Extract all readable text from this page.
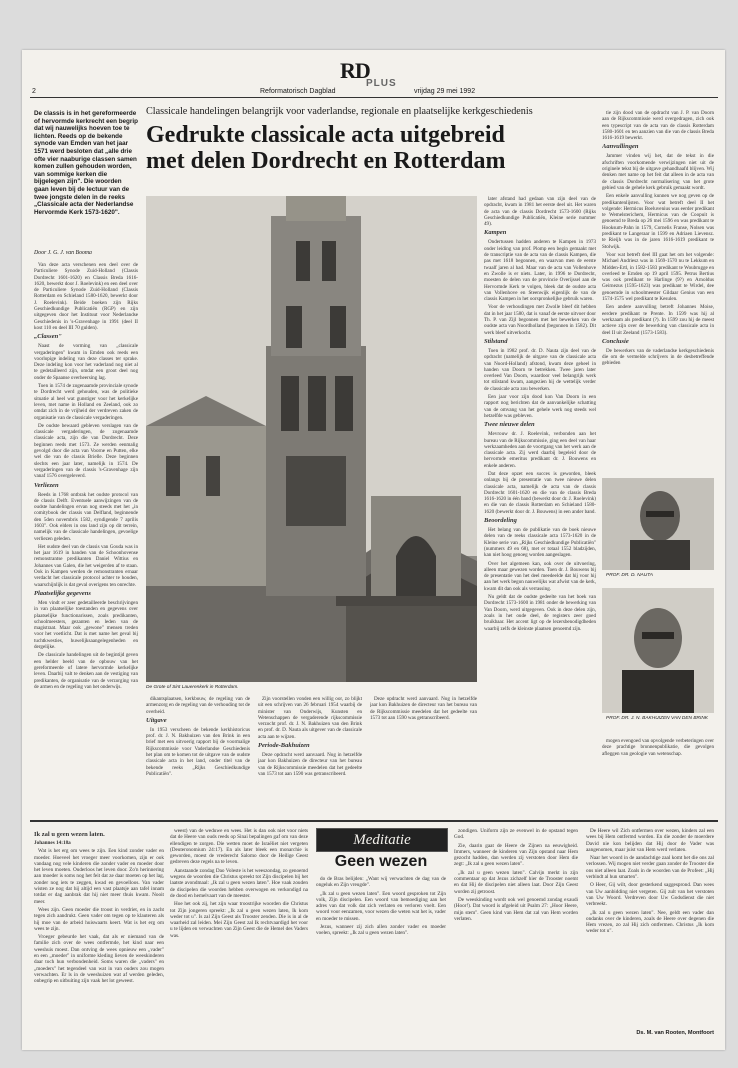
RD
PLUS
2	Reformatorisch Dagblad	vrijdag 29 mei 1992
Classicale handelingen belangrijk voor vaderlandse, regionale en plaatselijke kerkgeschiedenis
Gedrukte classicale acta uitgebreid
met delen Dordrecht en Rotterdam
De classis is in het gereformeerde of hervormde kerkrecht een begrip dat wij nauwelijks hoeven toe te lichten. Reeds op de bekende synode van Emden van het jaar 1571 werd besloten dat „alle drie ofte vier naaburige classen samen komen zullen gehouden worden, van sommige kerken die bijgelegen zijn". Die woorden gaan leven bij de lectuur van de twee jongste delen in de reeks „Classicale acta der Nederlandse Hervormde Kerk 1573-1620".
Door J. G. J. van Booma

Van deze acta verschenen een deel over de Particuliere Synode Zuid-Holland (Classis Dordrecht 1601-1620) en Classis Breda 1616-1620, bewerkt door J. Roelevink) en een deel over de Particuliere Synode Zuid-Holland (Classis Rotterdam en Schieland 1580-1620, bewerkt door J. Roelevink). Beide boeken zijn Rijks Geschiedkundige Publicatiën (RGP) en zijn uitgegeven door het Instituut voor Nederlandse Geschiedenis in 's-Gravenhage in 1991 (deel II kost 110 en deel III 70 gulden).

„Classen"

Naast de vorming van „classicale vergaderingen" kwam in Emden ook reeds een voorlopige indeling van deze classes ter sprake. Deze indeling kon voor het vaderland nog niet al te gedetailleerd zijn, omdat een groot deel nog onder de Spaanse overheersing lag.

Toen in 1574 de zogenaamde provinciale synode te Dordrecht werd gehouden, was de politieke situatie al heel wat gunstiger voor het kerkelijke leven, met name in Holland en Zeeland, ook zo omdat zich in de vrijheid der verdreven zaken de organisatie van de classicale vergaderingen.

De oudste bewaard gebleven verslagen van de classicale vergaderingen, de zogenaamde classicale acta, zijn die van Dordrecht. Deze beginnen reeds met 1573. Ze werden eenmalig gevolgd door die acta van Voorne en Putten, elke wel die van de classis Brielle. Deze beginnen slechts een jaar later, namelijk in 1574. De vergaderingen van de classis 's-Gravenhage zijn vanaf 1576 overgeleverd.

Verliezen

Reeds in 1768 ontbrak het oudste protocol van de classis Delft. Eventuele aanwijzingen van de oudste handelingen ervan nog steeds met het „in comitybook der classis van Delfland, beginnende den 5den novembris 1582, eyndigende 7 aprilis 1603". Ook elders in ons land zijn op dit terrein, namelijk van de classicale handelingen, gevoelige verliezen geleden.

Het oudste deel van de classis van Gouda was in het jaar 1619 in handen van de Schoonhovense remonstrantse predikanten Daniel Wittius en Johannes van Galen, die het weigerden af te staan. Ook in Kampen werden de remonstranten ernaar verdacht het classicale protocol achter te houden, waarschijnlijk is dat geval overigens ten onrechte.

Plaatselijke gegevens

Men vindt er zeer gedetailleerde beschrijvingen in van plaatselijke toestanden en gegevens over plaatselijke functionarissen, zoals predikanten, schoolmeesters, gezanten en leden van de magistraat. Maar ook „gewone" mensen treden voor het voetlicht. Dat is met name het geval bij tuchtkwesties, huwelijksaangelegenheden en dergelijke.

De classicale handelingen uit de begintijd geven een helder beeld van de opbouw van het gereformeerde of latere hervormde kerkelijke leven. Daarbij valt te denken aan de vestiging van predikanten, de organisatie van de verzorging van de armen en de regeling van het onderwijs.	De Grote of Sint Lauerenkerk in Rotterdam.

dikantsplaatsen, kerkbouw, de regeling van de armenzorg en de regeling van de verhouding tot de overheid.

Uitgave

In 1953 verscheen de bekende kerkhistoricus prof. dr. J. N. Bakhuizen van den Brink in een brief met een uitvoerig rapport bij de voormalige Rijkscommissie voor Vaderlandse Geschiedenis het plan om te komen tot de uitgave van de oudste classicale acta in het land, onder titel van de bekende reeks „Rijks Geschiedkundige Publicatiën".

Zijn voorstellen vonden een willig oor, zo blijkt uit een schrijven van 26 februari 1954 waarbij de minister van Onderwijs, Kunsten en Wetenschappen de vergaderende rijkscommissie verzocht prof. dr. J. N. Bakhuizen van den Brink en prof. dr. D. Nauta als uitgever van de classicale acta aan te wijzen.

Periode-Bakhuizen

Deze opdracht werd aanvaard. Nog in hetzelfde jaar kon Bakhuizen de directeur van het bureau van de Rijkscommissie meedelen dat het gedeelte van 1573 tot aan 1590 was getranscribeerd.

Deze opdracht werd aanvaard. Nog in hetzelfde jaar kon Bakhuizen de directeur van het bureau van de Rijkscommissie meedelen dat het gedeelte van 1573 tot aan 1590 was getranscribeerd.

later afstand had gedaan van zijn deel van de opdracht, kwam in 1981 het eerste deel uit. Het waren de acta van de classis Dordrecht 1573-1600 (Rijks Geschiedkundige Publicatiën, Kleine serie nummer 49).

Kampen

Ondertussen hadden anderen te Kampen in 1973 onder leiding van prof. Plomp een begin gemaakt met de transcriptie van de acta van de classis Kampen, die pas met 1618 begonnen, en waarvan men de eerste twaalf jaren al had. Maar van de acta van Vollenhove en Zwolle is er niets. Later, in 1996 te Dordrecht, moesten de delen van de provincie Overijssel aan de Hervormde Kerk te volgen, bleek dat de oudste acta van Vollenhove en Steenwijk eigenlijk de van de classis Kampen in het oorspronkelijke gebruik waren.

Voor de verhoudingen met Zwolle bleef dit hebben dat in het jaar 1580, dat is vanaf de eerste uitvoer door Th. P. van Zijl begonnen met het bewerken van de oudste acta van Noordholland (begonnen in 1582). Dit werk bleef uitverkocht.

Stilstand

Toen in 1982 prof. dr. D. Nauta zijn deel van de opdracht (namelijk de uitgave van de classicale acta van Noord-Holland) afstond, kwam deze geheel in handen van Doorn te betrekken. Twee jaren later overleed Van Doorn, waardoor veel belangrijk werk tot stilstand kwam, aangezien hij de wettelijk verder de classicale acta zou bewerken.

Een jaar voor zijn dood kon Van Doorn in een rapport nog berichten dat de aanvankelijke schatting van de omvang van het gehele werk nog steeds wel hetzelfde was gebleven.

Twee nieuwe delen

Mevrouw dr. J. Roelevink, verbonden aan het bureau van de Rijkscommissie, ging een deel van haar werkzaamheden aan de voortgang van het werk aan de classicale acta. Zij werd daarbij begeleid door de hervormde emeritus predikant dr. J. Bouwens en enkele anderen.

Dat deze opzet een succes is geworden, bleek onlangs bij de presentatie van twee nieuwe delen classicale acta, namelijk de acta van de classis Dordrecht 1601-1620 en die van de classis Breda 1616-1620 in één band (bewerkt door dr. J. Roelevink) en die van de classis Rotterdam en Schieland 1580-1620 (bewerkt door dr. J. Bouwens) in een ander band.

Beoordeling

Het belang van de publikatie van de boek nieuwe delen van de reeks classicale acta 1573-1620 in de Kleine serie van „Rijks Geschiedkundige Publicatiën" (nummers 49 en 68), met er totaal 1552 bladzijden, kan niet hoog genoeg worden aangeslagen.

Over het algemeen kan, ook over de uitvoering, alleen maar gewezen worden. Toen dr. J. Bouwens bij de presentatie van het deel meedeelde dat hij voor hij aan het werk begon nauwelijks wat afwist van de kerk, kwam dit dan ook als verrassing.

Nu geldt dat de oudste gedeelte van het boek van Dordrecht 1573-1600 in 1981 onder de bewerking van Van Doorn, werd uitgegeven. Ook in deze delen zijn, zoals in het oude deel, de registers zeer goed bruikbaar. Het accent ligt op de lezersbenodigdheden waarbij zelfs de kleinste plaatsen genoemd zijn.

tie zijn dood van de opdracht van J. P. van Doorn aan de Rijkscommissie werd overgedragen, zich ook een typescript van de acta van de classis Rotterdam 1580-1601 en ten aanzien van die van de classis Breda 1616-1619 bewerkt.

Aanvullingen

Jammer vinden wij het, dat de tekst in die afschriften voorkomende verwijzingen niet uit de originele tekst bij de uitgave gehandhaafd blijven. Wij denken met name op het feit dat alleen in de acta van de classis Dordrecht normalisering van het grote gebied van de gehele kerk gebruik gemaakt wordt.

Een enkele aanvulling kunnen we nog geven op de predikantenlijsten. Voor wat betreft deel II het volgende: Hermicus Boeluvenius was eerder predikant te Wemelsterichem, Hermicus van de Coopuit is genoemd te Breda op 26 mei 1596 en was predikant te Hooksum-Pahn in 1579, Cornelis Franse, Nolsen was predikant te Langeraar in 1599 en Adriaen Lievensz. te Rieijh was in de jaren 1616-1619 predikant te Stolwijk.

Voor wat betreft deel III gaat het om het volgende: Michael Andriesz was in 1569-1570 nu te Lekkum en Midden-Ertl, in 1582-1583 predikant te Woubrugge en overleed te Ernden op 19 april 1595. Petrus Bertius was ook predikant te Harlinge (9?) en Arnoldus Geirnezus (1595-1623) was predikant te Wirdel, dee genoemde in schoolmeester Gildaar Genius van een 1574-1575 wel predikant te Kesulen.

Een andere aanvulling betreft Johannes Moise, eerdere predikant te Prente. In 1599 was hij al werkzaam als predikant (?). In 1599 zou hij de meest actieve zijn over de bewerking van classicale acta in deel II uit Zeeland (1573-1583).

Conclusie

De bewerkers van de vaderlandse kerkgeschiedenis die om de vermelde schrijvers in de desbetreffende gebieden

PROF. DR. D. NAUTA
PROF. DR. J. N. BAKHUIZEN VAN DEN BRINK

mogen evengoed van opvolgende verbeteringen over deze prachtige bronnenpublikatie, die gevolgen afleggen van geologie van wetenschap.

Ik zal u geen wezen laten.
Johannes 14:18a

Wat is het erg om wees te zijn. Een kind zonder vader en moeder. Hoeveel het vroeger meer voorkomen, zijn er ook vandaag nog vele kinderen die zonder vader en moeder door het leven moeten. Ouderloos het leven door. Zo'n herinnering aan moeder is soms nog het feit dat ze daar moeten op het lag, zonder nog iets te zeggen, kwad en gevoelloos. Van vader wisten ze nog dat hij altijd een vast plaatsje aan tafel innam totdat er dag aanbrak dat hij niet meer thuis kwam. Nooit meer.

Wees zijn. Geen moeder die troost in verdriet, en in zacht tegen zich aandrukt. Geen vader om tegen op te klauteren als hij moe van de arbeid huiswaarts keert. Wat is het erg om wees te zijn.

Vroeger gebeurde het vaak, dat als er niemand van de familie zich over de wees ontfermde, het kind naar een weeshuis moest. Dan ontving de wees opnieuw een „vader" en een „moeder" in uniforme kleding lieven de weeskinderen daar toch hun verbondenheid. Soms waren die „vaders" en „moeders" het tegendeel van wat in van ouders zou mogen verwachten. Er ls in de weeshuizen wat af werden geleden, onbegrip en uitbuiting zijn vaak het lot geweest.

weest) van de weduwe en wees. Het is dan ook niet voor niets dat de Heere van ouds reeds op Sinai bepalingen gaf om van deze ellendigen te zorgen. Die wetten moet de Israëliet niet vergeten (Deuteronomium 24:17). En als later bleek een monarchie is geworden, moest de vrederecht Salomo door de Heilige Geest gedreven deze regels na te leven.

Aanstaande zondag Dao Voleste is het weeszondag, zo genoemd wegens de woorden die Christus spreekt tot Zijn discipelen bij het laatste avondmaal: „Ik zal u geen wezen laten". Hoe vaak zouden de discipelen die woorden hebben overwogen en verkondigd na de dood en hemelvaart van de meester.

Hoe het ook zij, het zijn waar troostrijke woorden die Christus tot Zijn jongeren spreekt: „Ik zal u geen wezen laten, Ik kom weder tot u". Is zal Zijn Geest als Trooster zenden. Die is in al de waarheid zal leiden. Mei Zijn Geest zal Ik rechtvaardigd het voor u te lijden en verwachten van Zijn Geest die de Hemel des Vaders was.

Meditatie
Geen wezen

do de Bras belijden: „Want wij verwachten de dag van de ongeluk en Zijn vreugde".

„Ik zal u geen wezen laten". Een woord gesproken tot Zijn volk, Zijn discipelen. Een woord van bemoediging aan het adres van dat volk dat zich verlaten en verloren voelt. Een woord voor eenzamen, voor wezen die weten wat het is, vader en moeder te missen.

Jezus, wanneer zij zich allen zonder vader en moeder voelen, spreekt: „Ik zal u geen wezen laten".

zondigen. Uniform zijn ze evenwel in de opstand tegen God.

Zie, daarin gaat de Heere de Zijnen na eeuwigheid. Immers, wanneer de kinderen van Zijn opstand naar Hem gezocht hadden, dan werden zij verstoten door Hem die zegt: „Ik zal u geen wezen laten".

„Ik zal u geen wezen laten". Calvijn merkt in zijn commentaar op dat Jezus zichzelf hier de Trooster noemt en dat Hij de discipelen niet alleen laat. Door Zijn Geest worden zij getroost.

De weeskinding wordt ook wel genoemd zondag exaudi (Hoor!). Dat woord is afgeleid uit Psalm 27: „Hoor Heere, mijn stem". Geen kind van Hem dat zal van Hem worden verlaten.

De Heere wil Zich ontfermen over wezen, kinders zal een wees bij Hem ontfermd worden. En die zonder de moerdere David nie kon belijden dat Hij door de Vader was aangenomen, maar juist van Hem werd verlaten.

Naar het woord in de aandachtige zaal komt het die ons zal verlossen. Wij mogen niet verder gaan zonder de Trooster die ons niet alleen laat. Zoals in de woorden van de Profeet: „Hij verbindt al hun smarten".

O Heer, Gij wilt, door gesterkend saggesprond. Dan wees van Uw aanbidding niet vergeten. Gij zult van het verstoten van Uw Woord. Verdreven door Uw Godsdienst die niet verbreekt.

„Ik zal u geen wezen laten". Nee, geldt een vader dan ondanks over de kinderen, zoals de Heere over degenen die Hem vrezen, zo zal Hij zich ontfermen. Christus „Ik kom weder tot u".

Ds. M. van Rooten, Montfoort
